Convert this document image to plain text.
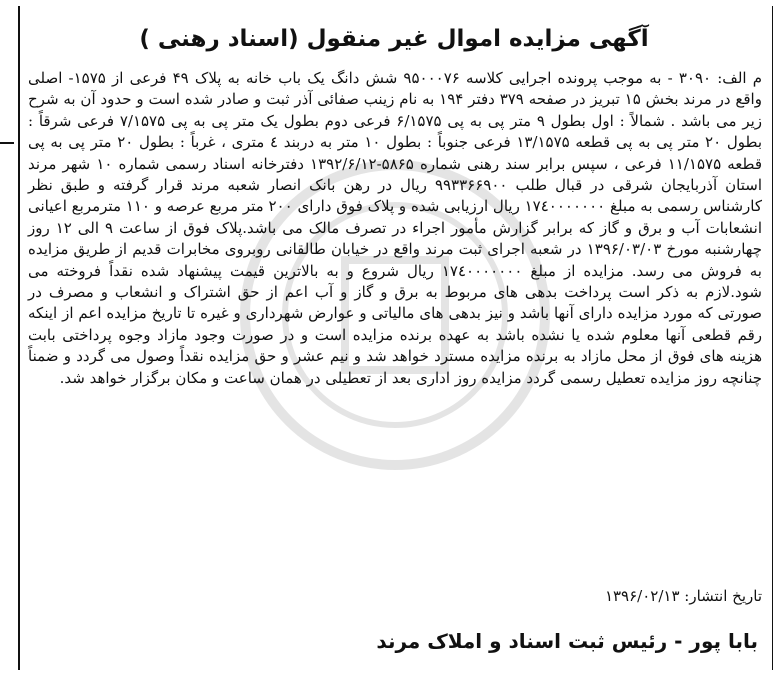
آگهی مزایده اموال غیر منقول (اسناد رهنی )

م الف: ۳۰۹۰ - به موجب پرونده اجرایی کلاسه ۹۵۰۰۰۷۶ شش دانگ یک باب خانه به پلاک ۴۹ فرعی از ۱۵۷۵- اصلی واقع در مرند بخش ۱۵ تبریز در صفحه ۳۷۹ دفتر ۱۹۴ به نام زینب صفائی آذر ثبت و صادر شده است و حدود آن به شرح زیر می باشد . شمالاً : اول بطول ۹ متر پی به پی ۶/۱۵۷۵ فرعی دوم بطول یک متر پی به پی ۷/۱۵۷۵ فرعی شرقاً : بطول ۲۰ متر پی به پی قطعه ۱۳/۱۵۷۵ فرعی جنوباً : بطول ۱۰ متر به دربند ٤ متری ، غرباً : بطول ۲۰ متر پی به پی قطعه ۱۱/۱۵۷۵ فرعی ، سپس برابر سند رهنی شماره ۵۸۶۵-۱۳۹۲/۶/۱۲ دفترخانه اسناد رسمی شماره ۱۰ شهر مرند استان آذربایجان شرقی در قبال طلب ۹۹۳۳۶۶۹۰۰ ریال در رهن بانک انصار شعبه مرند قرار گرفته و طبق نظر کارشناس رسمی به مبلغ ۱۷٤۰۰۰۰۰۰۰ ریال ارزیابی شده و پلاک فوق دارای ۲۰۰ متر مربع عرصه و ۱۱۰ مترمربع اعیانی انشعابات آب و برق و گاز که برابر گزارش مأمور اجراء در تصرف مالک می باشد.پلاک فوق از ساعت ۹ الی ۱۲ روز چهارشنبه مورخ ۱۳۹۶/۰۳/۰۳ در شعبه اجرای ثبت مرند واقع در خیابان طالقانی روبروی مخابرات قدیم از طریق مزایده به فروش می رسد. مزایده از مبلغ ۱۷٤۰۰۰۰۰۰۰ ریال شروع و به بالاترین قیمت پیشنهاد شده نقداً فروخته می شود.لازم به ذکر است پرداخت بدهی های مربوط به برق و گاز و آب اعم از حق اشتراک و انشعاب و مصرف در صورتی که مورد مزایده دارای آنها باشد و نیز بدهی های مالیاتی و عوارض شهرداری و غیره تا تاریخ مزایده اعم از اینکه رقم قطعی آنها معلوم شده یا نشده باشد به عهده برنده مزایده است و در صورت وجود مازاد وجوه پرداختی بابت هزینه های فوق از محل مازاد به برنده مزایده مسترد خواهد شد و نیم عشر و حق مزایده نقداً وصول می گردد و ضمناً چنانچه روز مزایده تعطیل رسمی گردد مزایده روز اداری بعد از تعطیلی در همان ساعت و مکان برگزار خواهد شد.

تاریخ انتشار: ۱۳۹۶/۰۲/۱۳
بابا پور - رئیس ثبت اسناد و املاک مرند
